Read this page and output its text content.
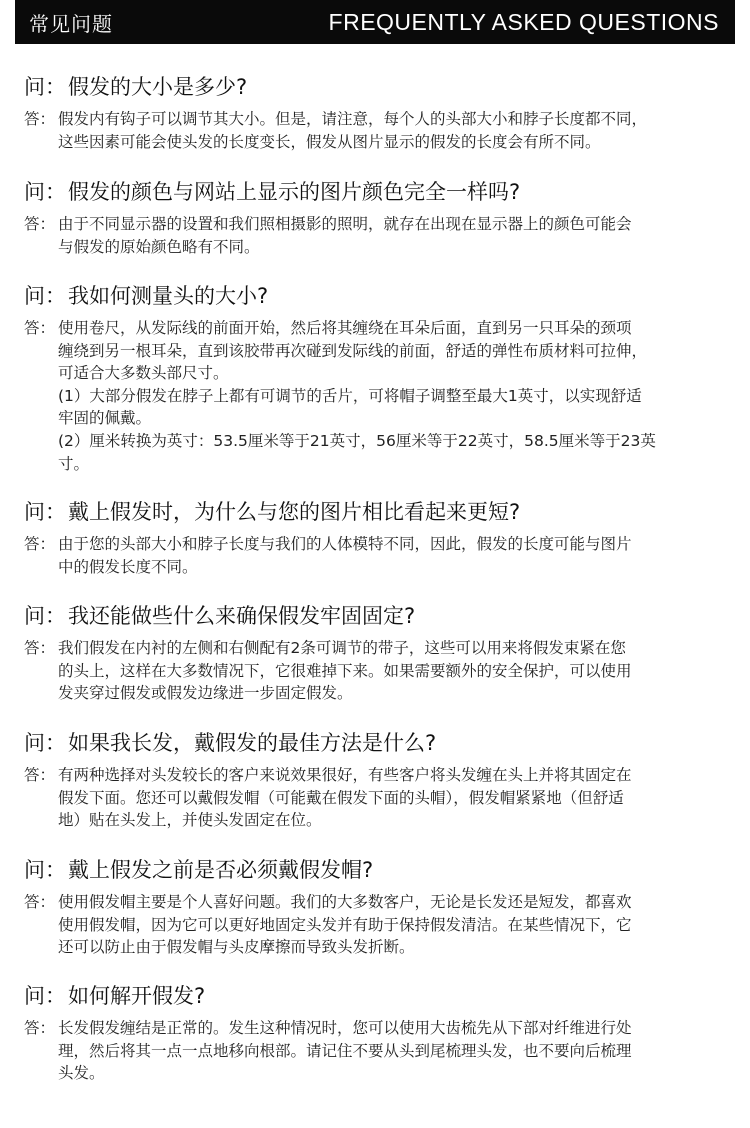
常见问题	FREQUENTLY ASKED QUESTIONS
问：假发的大小是多少?
答： 假发内有钩子可以调节其大小。但是，请注意，每个人的头部大小和脖子长度都不同，
这些因素可能会使头发的长度变长，假发从图片显示的假发的长度会有所不同。
问：假发的颜色与网站上显示的图片颜色完全一样吗?
答： 由于不同显示器的设置和我们照相摄影的照明，就存在出现在显示器上的颜色可能会
与假发的原始颜色略有不同。
问：我如何测量头的大小?
答： 使用卷尺，从发际线的前面开始，然后将其缠绕在耳朵后面，直到另一只耳朵的颈项
缠绕到另一根耳朵，直到该胶带再次碰到发际线的前面，舒适的弹性布质材料可拉伸，
可适合大多数头部尺寸。
(1）大部分假发在脖子上都有可调节的舌片，可将帽子调整至最大1英寸，以实现舒适
牢固的佩戴。
(2）厘米转换为英寸：53.5厘米等于21英寸，56厘米等于22英寸，58.5厘米等于23英
寸。
问：戴上假发时，为什么与您的图片相比看起来更短?
答： 由于您的头部大小和脖子长度与我们的人体模特不同，因此，假发的长度可能与图片
中的假发长度不同。
问：我还能做些什么来确保假发牢固固定?
答： 我们假发在内衬的左侧和右侧配有2条可调节的带子，这些可以用来将假发束紧在您
的头上，这样在大多数情况下，它很难掉下来。如果需要额外的安全保护，可以使用
发夹穿过假发或假发边缘进一步固定假发。
问：如果我长发，戴假发的最佳方法是什么?
答： 有两种选择对头发较长的客户来说效果很好，有些客户将头发缠在头上并将其固定在
假发下面。您还可以戴假发帽（可能戴在假发下面的头帽），假发帽紧紧地（但舒适
地）贴在头发上，并使头发固定在位。
问：戴上假发之前是否必须戴假发帽?
答： 使用假发帽主要是个人喜好问题。我们的大多数客户，无论是长发还是短发，都喜欢
使用假发帽，因为它可以更好地固定头发并有助于保持假发清洁。在某些情况下，它
还可以防止由于假发帽与头皮摩擦而导致头发折断。
问：如何解开假发?
答： 长发假发缠结是正常的。发生这种情况时，您可以使用大齿梳先从下部对纤维进行处
理，然后将其一点一点地移向根部。请记住不要从头到尾梳理头发，也不要向后梳理
头发。
